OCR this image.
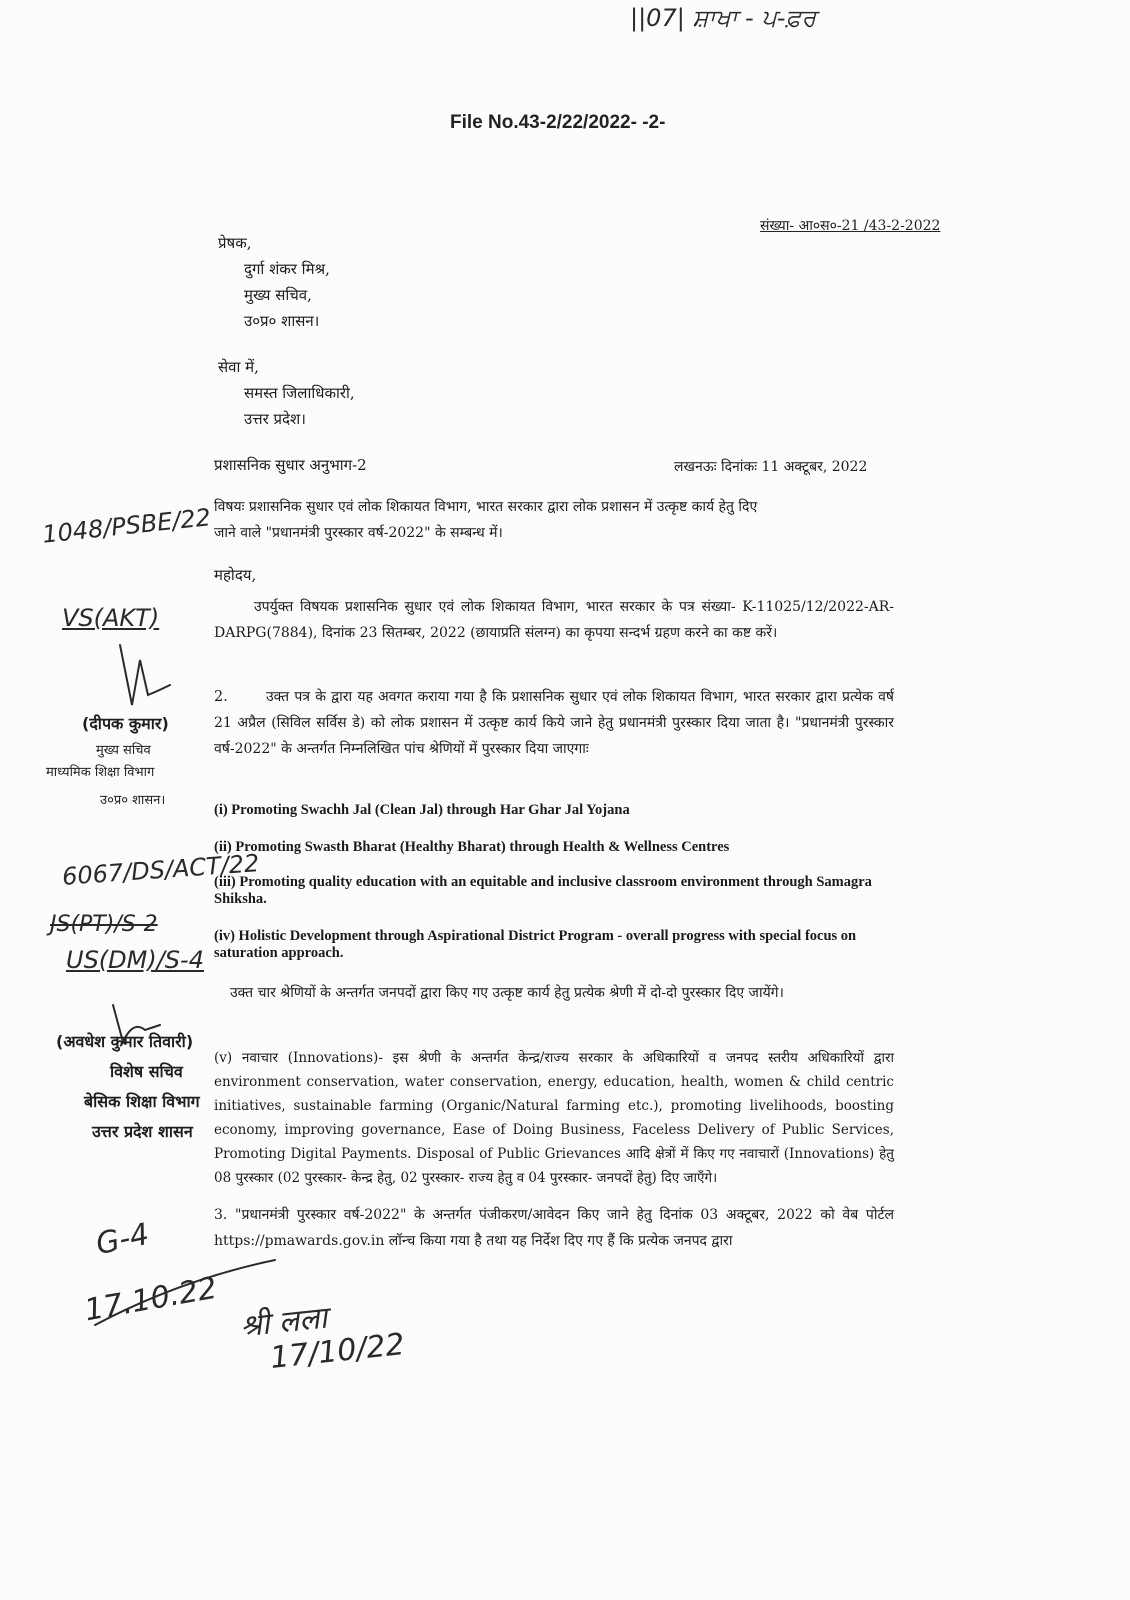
||07| ਸ਼ਾਖਾ - ਪ-ਫ਼ਰ
File No.43-2/22/2022- -2-
संख्या- आ०स०-21 /43-2-2022
प्रेषक,
दुर्गा शंकर मिश्र,
मुख्य सचिव,
उ०प्र० शासन।
सेवा में,
समस्त जिलाधिकारी,
उत्तर प्रदेश।
प्रशासनिक सुधार अनुभाग-2	लखनऊः दिनांकः 11 अक्टूबर, 2022
विषयः प्रशासनिक सुधार एवं लोक शिकायत विभाग, भारत सरकार द्वारा लोक प्रशासन में उत्कृष्ट कार्य हेतु दिए
जाने वाले "प्रधानमंत्री पुरस्कार वर्ष-2022" के सम्बन्ध में।
महोदय,
उपर्युक्त विषयक प्रशासनिक सुधार एवं लोक शिकायत विभाग, भारत सरकार के पत्र संख्या- K-11025/12/2022-AR-DARPG(7884), दिनांक 23 सितम्बर, 2022 (छायाप्रति संलग्न) का कृपया सन्दर्भ ग्रहण करने का कष्ट करें।
2.	उक्त पत्र के द्वारा यह अवगत कराया गया है कि प्रशासनिक सुधार एवं लोक शिकायत विभाग, भारत सरकार द्वारा प्रत्येक वर्ष 21 अप्रैल (सिविल सर्विस डे) को लोक प्रशासन में उत्कृष्ट कार्य किये जाने हेतु प्रधानमंत्री पुरस्कार दिया जाता है। "प्रधानमंत्री पुरस्कार वर्ष-2022" के अन्तर्गत निम्नलिखित पांच श्रेणियों में पुरस्कार दिया जाएगाः
(i) Promoting Swachh Jal (Clean Jal) through Har Ghar Jal Yojana
(ii) Promoting Swasth Bharat (Healthy Bharat) through Health & Wellness Centres
(iii) Promoting quality education with an equitable and inclusive classroom environment through Samagra Shiksha.
(iv) Holistic Development through Aspirational District Program - overall progress with special focus on saturation approach.
उक्त चार श्रेणियों के अन्तर्गत जनपदों द्वारा किए गए उत्कृष्ट कार्य हेतु प्रत्येक श्रेणी में दो-दो पुरस्कार दिए जायेंगे।
(v) नवाचार (Innovations)- इस श्रेणी के अन्तर्गत केन्द्र/राज्य सरकार के अधिकारियों व जनपद स्तरीय अधिकारियों द्वारा environment conservation, water conservation, energy, education, health, women & child centric initiatives, sustainable farming (Organic/Natural farming etc.), promoting livelihoods, boosting economy, improving governance, Ease of Doing Business, Faceless Delivery of Public Services, Promoting Digital Payments. Disposal of Public Grievances आदि क्षेत्रों में किए गए नवाचारों (Innovations) हेतु 08 पुरस्कार (02 पुरस्कार- केन्द्र हेतु, 02 पुरस्कार- राज्य हेतु व 04 पुरस्कार- जनपदों हेतु) दिए जाएँगे।
3. "प्रधानमंत्री पुरस्कार वर्ष-2022" के अन्तर्गत पंजीकरण/आवेदन किए जाने हेतु दिनांक 03 अक्टूबर, 2022 को वेब पोर्टल https://pmawards.gov.in लॉन्च किया गया है तथा यह निर्देश दिए गए हैं कि प्रत्येक जनपद द्वारा
1048/PSBE/22
VS(AKT)
(दीपक कुमार)
मुख्य सचिव
माध्यमिक शिक्षा विभाग
उ०प्र० शासन।
6067/DS/ACT/22
JS(PT)/S-2
US(DM)/S-4
(अवधेश कुमार तिवारी)
विशेष सचिव
बेसिक शिक्षा विभाग
उत्तर प्रदेश शासन
G-4
17.10.22 श्री लला
17/10/22
